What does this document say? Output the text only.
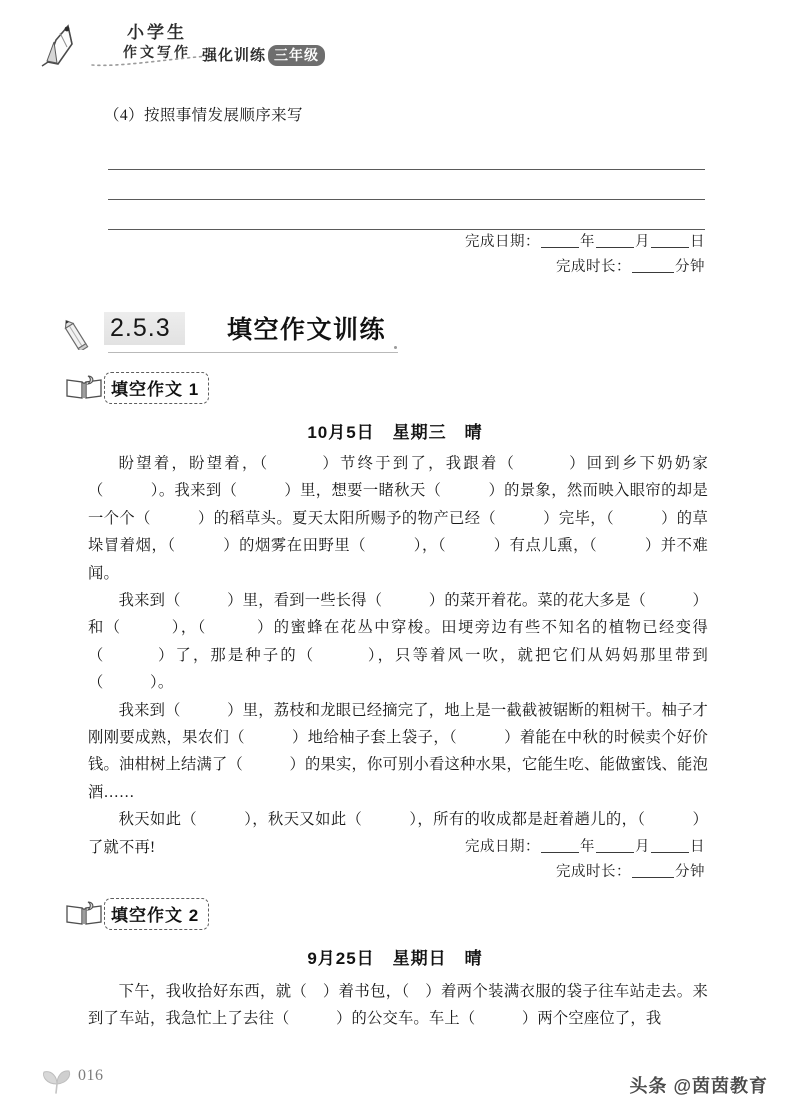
小学生
作文写作 强化训练 三年级
（4）按照事情发展顺序来写
完成日期：	年	月	日
完成时长：	分钟
2.5.3	填空作文训练
填空作文 1
10月5日　星期三　晴

盼望着，盼望着，（　　　）节终于到了，我跟着（　　　）回到乡下奶奶家（　　　）。我来到（　　　）里，想要一睹秋天（　　　）的景象，然而映入眼帘的却是一个个（　　　）的稻草头。夏天太阳所赐予的物产已经（　　　）完毕，（　　　）的草垛冒着烟，（　　　）的烟雾在田野里（　　　），（　　　）有点儿熏，（　　　）并不难闻。

我来到（　　　）里，看到一些长得（　　　）的菜开着花。菜的花大多是（　　　）和（　　　），（　　　）的蜜蜂在花丛中穿梭。田埂旁边有些不知名的植物已经变得（　　　）了，那是种子的（　　　），只等着风一吹，就把它们从妈妈那里带到（　　　）。

我来到（　　　）里，荔枝和龙眼已经摘完了，地上是一截截被锯断的粗树干。柚子才刚刚要成熟，果农们（　　　）地给柚子套上袋子，（　　　）着能在中秋的时候卖个好价钱。油柑树上结满了（　　　）的果实，你可别小看这种水果，它能生吃、能做蜜饯、能泡酒……

秋天如此（　　　），秋天又如此（　　　），所有的收成都是赶着趟儿的，（　　　）了就不再!	完成日期：	年	月	日
完成时长：	分钟
填空作文 2
9月25日　星期日　晴

下午，我收拾好东西，就（　）着书包，（　）着两个装满衣服的袋子往车站走去。来到了车站，我急忙上了去往（　　　）的公交车。车上（　　　）两个空座位了，我

016
头条 @茵茵教育
